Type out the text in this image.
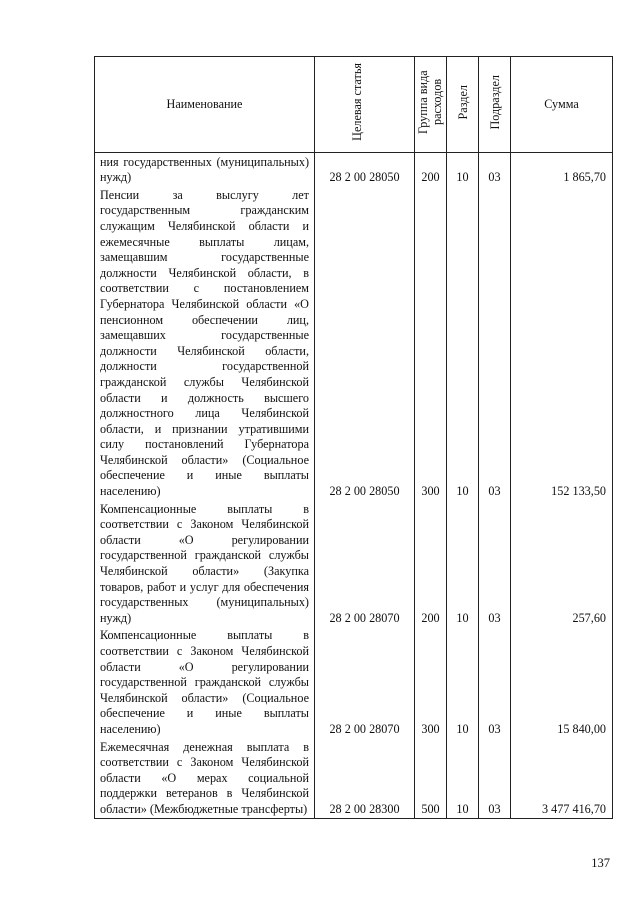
Наименование	Целевая статья	Группа вида расходов	Раздел	Подраздел	Сумма
ния государственных (муниципальных) нужд)	28 2 00 28050	200	10	03	1 865,70
Пенсии за выслугу лет государственным гражданским служащим Челябинской области и ежемесячные выплаты лицам, замещавшим государственные должности Челябинской области, в соответствии с постановлением Губернатора Челябинской области «О пенсионном обеспечении лиц, замещавших государственные должности Челябинской области, должности государственной гражданской службы Челябинской области и должность высшего должностного лица Челябинской области, и признании утратившими силу постановлений Губернатора Челябинской области» (Социальное обеспечение и иные выплаты населению)	28 2 00 28050	300	10	03	152 133,50
Компенсационные выплаты в соответствии с Законом Челябинской области «О регулировании государственной гражданской службы Челябинской области» (Закупка товаров, работ и услуг для обеспечения государственных (муниципальных) нужд)	28 2 00 28070	200	10	03	257,60
Компенсационные выплаты в соответствии с Законом Челябинской области «О регулировании государственной гражданской службы Челябинской области» (Социальное обеспечение и иные выплаты населению)	28 2 00 28070	300	10	03	15 840,00
Ежемесячная денежная выплата в соответствии с Законом Челябинской области «О мерах социальной поддержки ветеранов в Челябинской области» (Межбюджетные трансферты)	28 2 00 28300	500	10	03	3 477 416,70
137
